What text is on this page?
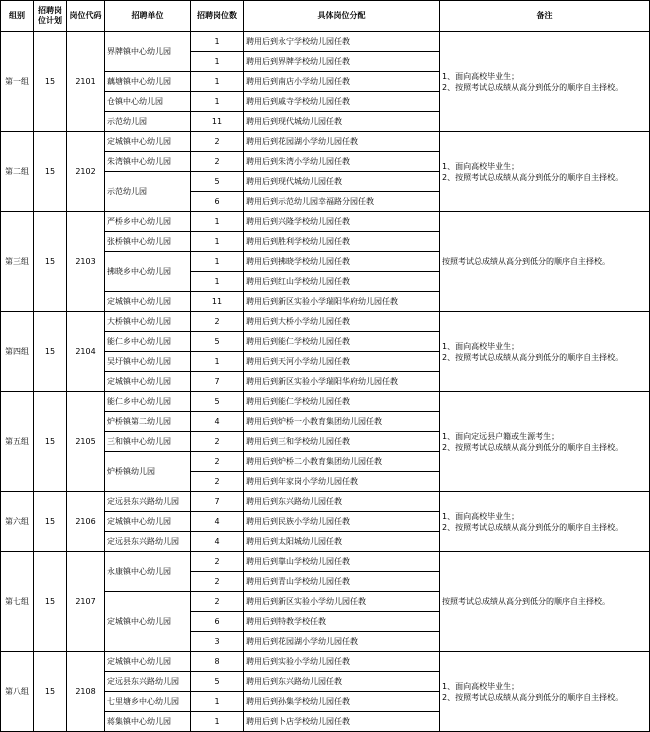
组别	招聘岗位计划	岗位代码	招聘单位	招聘岗位数	具体岗位分配	备注
第一组	15	2101	界牌镇中心幼儿园	1	聘用后到永宁学校幼儿园任教	1、面向高校毕业生；
2、按照考试总成绩从高分到低分的顺序自主择校。

				1	聘用后到界牌学校幼儿园任教	
			藕塘镇中心幼儿园	1	聘用后到南店小学幼儿园任教	
			仓镇中心幼儿园	1	聘用后到戚寺学校幼儿园任教	
			示范幼儿园	11	聘用后到现代城幼儿园任教	
第二组	15	2102	定城镇中心幼儿园	2	聘用后到花园湖小学幼儿园任教	1、面向高校毕业生；
2、按照考试总成绩从高分到低分的顺序自主择校。

			朱湾镇中心幼儿园	2	聘用后到朱湾小学幼儿园任教	
			示范幼儿园	5	聘用后到现代城幼儿园任教	
				6	聘用后到示范幼儿园幸福路分园任教	
第三组	15	2103	严桥乡中心幼儿园	1	聘用后到兴隆学校幼儿园任教	按照考试总成绩从高分到低分的顺序自主择校。

			张桥镇中心幼儿园	1	聘用后到胜利学校幼儿园任教	
			拂晓乡中心幼儿园	1	聘用后到拂晓学校幼儿园任教	
				1	聘用后到红山学校幼儿园任教	
			定城镇中心幼儿园	11	聘用后到新区实验小学瑞阳华府幼儿园任教	
第四组	15	2104	大桥镇中心幼儿园	2	聘用后到大桥小学幼儿园任教	1、面向高校毕业生；
2、按照考试总成绩从高分到低分的顺序自主择校。

			能仁乡中心幼儿园	5	聘用后到能仁学校幼儿园任教	
			吴圩镇中心幼儿园	1	聘用后到天河小学幼儿园任教	
			定城镇中心幼儿园	7	聘用后到新区实验小学瑞阳华府幼儿园任教	
第五组	15	2105	能仁乡中心幼儿园	5	聘用后到能仁学校幼儿园任教	1、面向定远县户籍或生源考生；
2、按照考试总成绩从高分到低分的顺序自主择校。

			炉桥镇第二幼儿园	4	聘用后到炉桥一小教育集团幼儿园任教	
			三和镇中心幼儿园	2	聘用后到三和学校幼儿园任教	
			炉桥镇幼儿园	2	聘用后到炉桥二小教育集团幼儿园任教	
				2	聘用后到年家岗小学幼儿园任教	
第六组	15	2106	定远县东兴路幼儿园	7	聘用后到东兴路幼儿园任教	1、面向高校毕业生；
2、按照考试总成绩从高分到低分的顺序自主择校。

			定城镇中心幼儿园	4	聘用后到民族小学幼儿园任教	
			定远县东兴路幼儿园	4	聘用后到太阳城幼儿园任教	
第七组	15	2107	永康镇中心幼儿园	2	聘用后到靠山学校幼儿园任教	按照考试总成绩从高分到低分的顺序自主择校。

				2	聘用后到青山学校幼儿园任教	
			定城镇中心幼儿园	2	聘用后到新区实验小学幼儿园任教	
				6	聘用后到特教学校任教	
				3	聘用后到花园湖小学幼儿园任教	
第八组	15	2108	定城镇中心幼儿园	8	聘用后到实验小学幼儿园任教	1、面向高校毕业生；
2、按照考试总成绩从高分到低分的顺序自主择校。

			定远县东兴路幼儿园	5	聘用后到东兴路幼儿园任教	
			七里塘乡中心幼儿园	1	聘用后到孙集学校幼儿园任教	
			蒋集镇中心幼儿园	1	聘用后到卜店学校幼儿园任教	
